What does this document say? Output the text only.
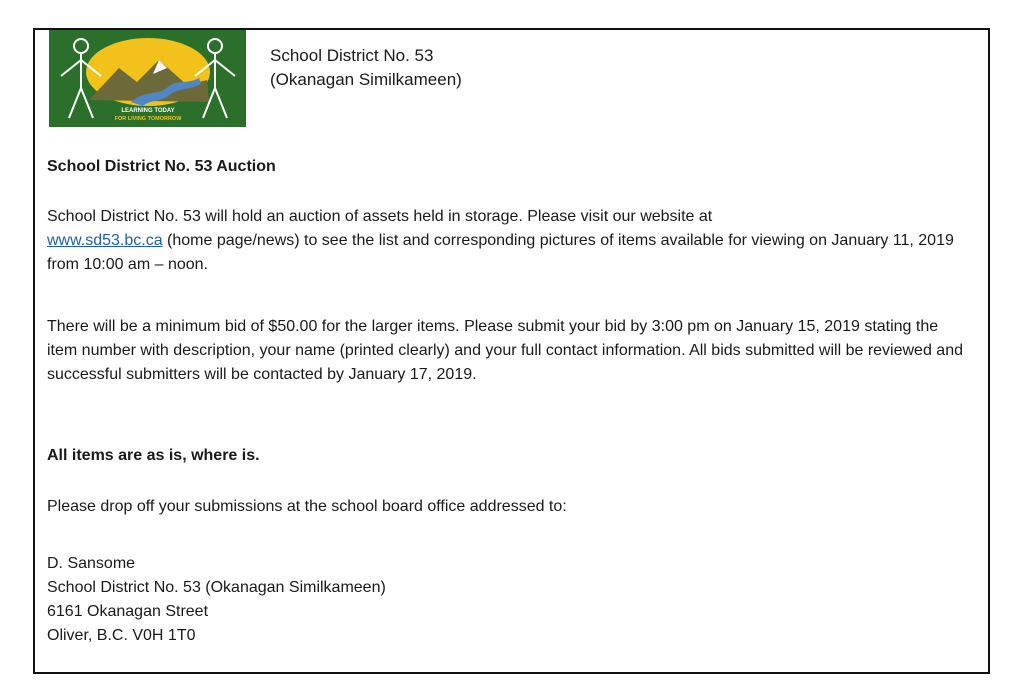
LEARNING TODAY
FOR LIVING TOMORROW
School District No. 53
(Okanagan Similkameen)
School District No. 53 Auction

School District No. 53 will hold an auction of assets held in storage. Please visit our website at
www.sd53.bc.ca (home page/news) to see the list and corresponding pictures of items available for viewing on January 11, 2019 from 10:00 am – noon.

There will be a minimum bid of $50.00 for the larger items. Please submit your bid by 3:00 pm on January 15, 2019 stating the item number with description, your name (printed clearly) and your full contact information. All bids submitted will be reviewed and successful submitters will be contacted by January 17, 2019.

All items are as is, where is.
Please drop off your submissions at the school board office addressed to:
D. Sansome
School District No. 53 (Okanagan Similkameen)
6161 Okanagan Street
Oliver, B.C. V0H 1T0
